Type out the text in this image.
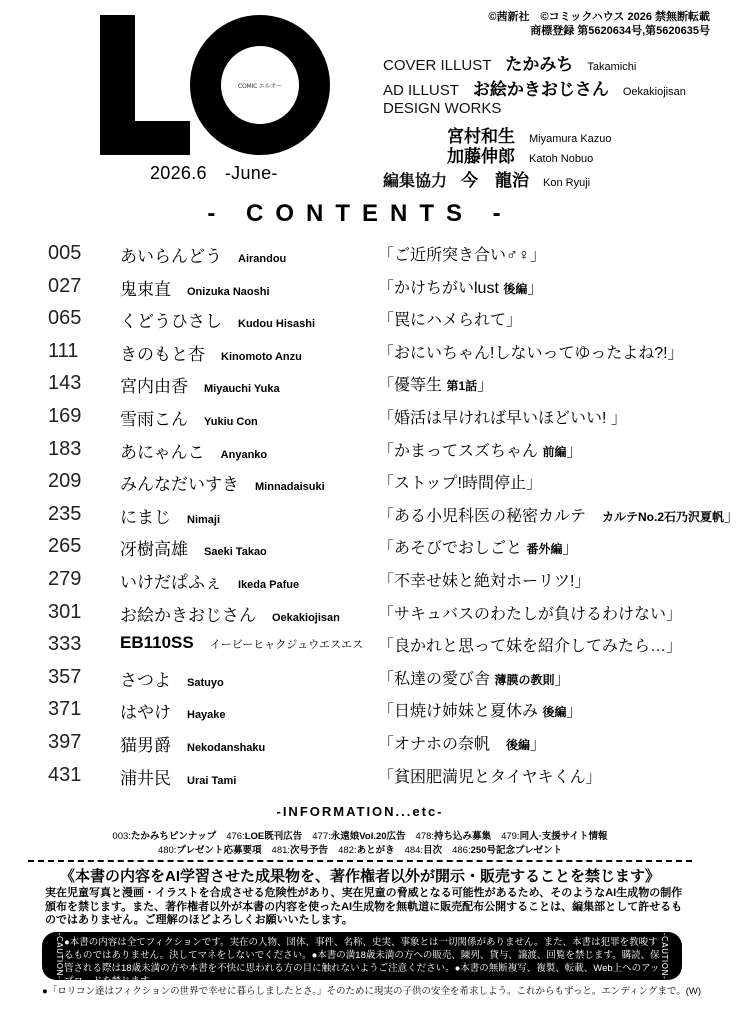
COMIC エルオー
2026.6 -June-
©茜新社　©コミックハウス 2026 禁無断転載
商標登録 第5620634号,第5620635号
COVER ILLUST たかみち Takamichi
AD ILLUST お絵かきおじさん Oekakiojisan
DESIGN WORKS
宮村和生 Miyamura Kazuo
加藤伸郎 Katoh Nobuo
編集協力 今　龍治 Kon Ryuji
- CONTENTS -
005 あいらんどう Airandou	「ご近所突き合い♂♀」
027 鬼束直 Onizuka Naoshi	「かけちがいlust 後編」
065 くどうひさし Kudou Hisashi	「罠にハメられて」
111 きのもと杏 Kinomoto Anzu	「おにいちゃん!しないってゆったよね?!」
143 宮内由香 Miyauchi Yuka	「優等生 第1話」
169 雪雨こん Yukiu Con	「婚活は早ければ早いほどいい! 」
183 あにゃんこ Anyanko	「かまってスズちゃん 前編」
209 みんなだいすき Minnadaisuki	「ストップ!時間停止」
235 にまじ Nimaji	「ある小児科医の秘密カルテ　カルテNo.2石乃沢夏帆」
265 冴樹高雄 Saeki Takao	「あそびでおしごと 番外編」
279 いけだぱふぇ Ikeda Pafue	「不幸せ妹と絶対ホーリツ!」
301 お絵かきおじさん Oekakiojisan 「サキュバスのわたしが負けるわけない」
333 EB110SS イービーヒャクジュウエスエス 「良かれと思って妹を紹介してみたら…」
357 さつよ Satuyo	「私達の愛び舎 薄膜の教則」
371 はやけ Hayake	「日焼け姉妹と夏休み 後編」
397 猫男爵 Nekodanshaku	「オナホの奈帆　後編」
431 浦井民 Urai Tami	「貧困肥満児とタイヤキくん」
-INFORMATION...etc-
003:たかみちピンナップ 476:LOE既刊広告 477:永遠娘Vol.20広告 478:持ち込み募集 479:同人·支援サイト情報
480:プレゼント応募要項 481:次号予告 482:あとがき 484:目次 486:250号記念プレゼント
《本書の内容をAI学習させた成果物を、著作権者以外が開示・販売することを禁じます》
実在児童写真と漫画・イラストを合成させる危険性があり、実在児童の脅威となる可能性があるため、そのようなAI生成物の制作頒布を禁じます。また、著作権者以外が本書の内容を使ったAI生成物を無軌道に販売配布公開することは、編集部として許せるものではありません。ご理解のほどよろしくお願いいたします。
-CAUTION- ●本書の内容は全てフィクションです。実在の人物、団体、事件、名称、史実、事象とは一切関係がありません。また、本書は犯罪を教唆するものではありません。決してマネをしないでください。●本書の満18歳未満の方への販売、陳列、貸与、譲渡、回覧を禁じます。購読、保管される際は18歳未満の方や本書を不快に思われる方の目に触れないようご注意ください。●本書の無断複写、複製、転載、Web上へのアップロードを禁じます。
-CAUTION-
●「ロリコン達はフィクションの世界で幸せに暮らしましたとさ。」そのために現実の子供の安全を希求しよう。これからもずっと。エンディングまで。(W)
